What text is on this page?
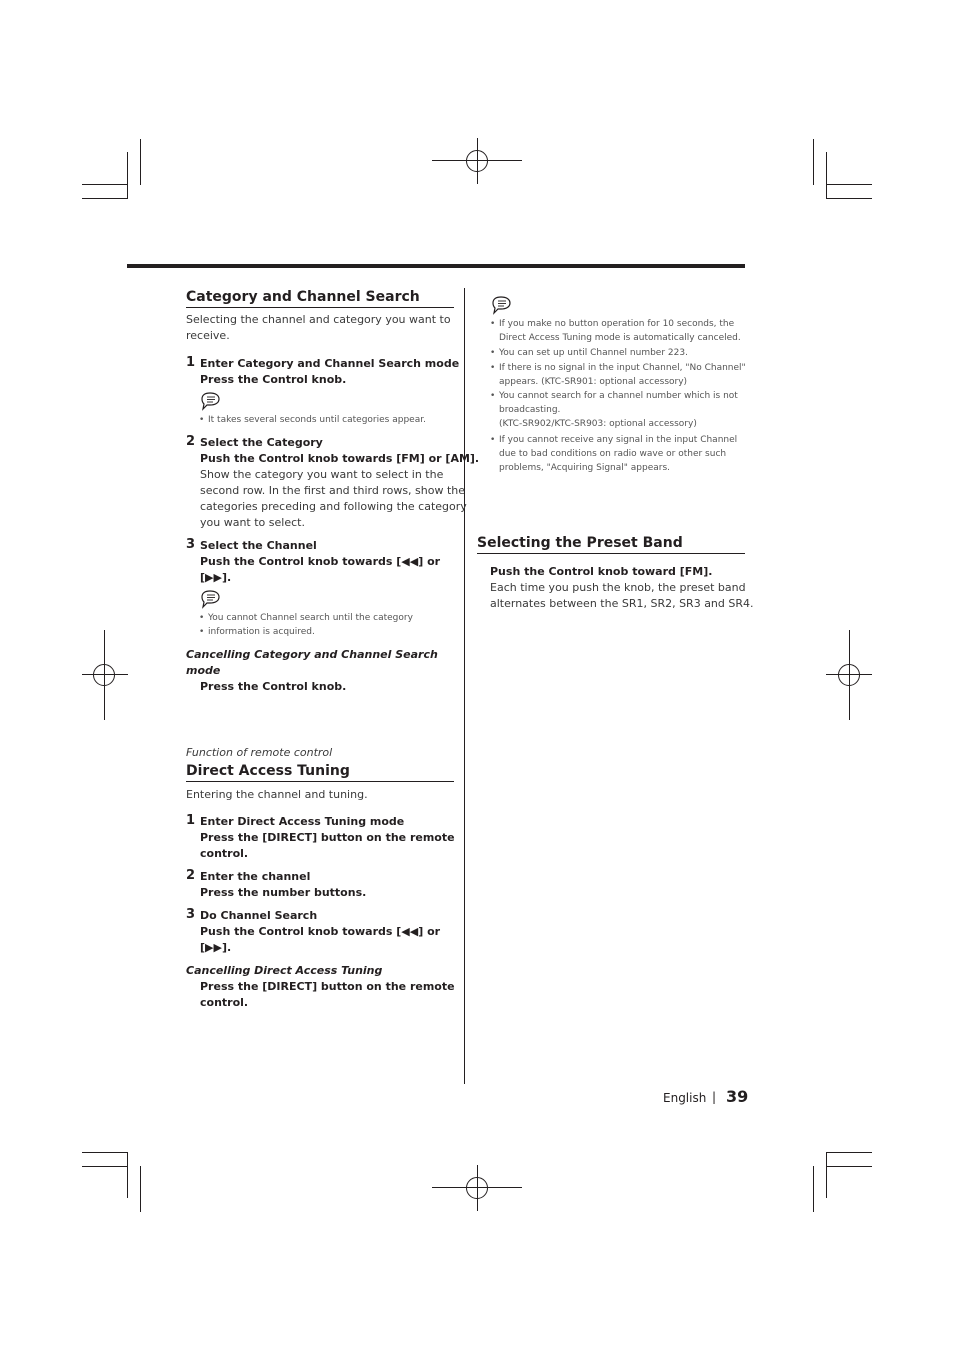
Category and Channel Search
Selecting the channel and category you want to
receive.
1 Enter Category and Channel Search mode
Press the Control knob.
• It takes several seconds until categories appear.
2 Select the Category
Push the Control knob towards [FM] or [AM].
Show the category you want to select in the
second row. In the first and third rows, show the
categories preceding and following the category
you want to select.
3 Select the Channel
Push the Control knob towards [◀◀] or
[▶▶].
• You cannot Channel search until the category
• information is acquired.
Cancelling Category and Channel Search
mode
Press the Control knob.
Function of remote control
Direct Access Tuning
Entering the channel and tuning.
1 Enter Direct Access Tuning mode
Press the [DIRECT] button on the remote
control.
2 Enter the channel
Press the number buttons.
3 Do Channel Search
Push the Control knob towards [◀◀] or
[▶▶].
Cancelling Direct Access Tuning
Press the [DIRECT] button on the remote
control.
• If you make no button operation for 10 seconds, the
Direct Access Tuning mode is automatically canceled.
• You can set up until Channel number 223.
• If there is no signal in the input Channel, "No Channel"
appears. (KTC-SR901: optional accessory)
• You cannot search for a channel number which is not
broadcasting.
(KTC-SR902/KTC-SR903: optional accessory)
• If you cannot receive any signal in the input Channel
due to bad conditions on radio wave or other such
problems, "Acquiring Signal" appears.
Selecting the Preset Band
Push the Control knob toward [FM].
Each time you push the knob, the preset band
alternates between the SR1, SR2, SR3 and SR4.
English | 39
